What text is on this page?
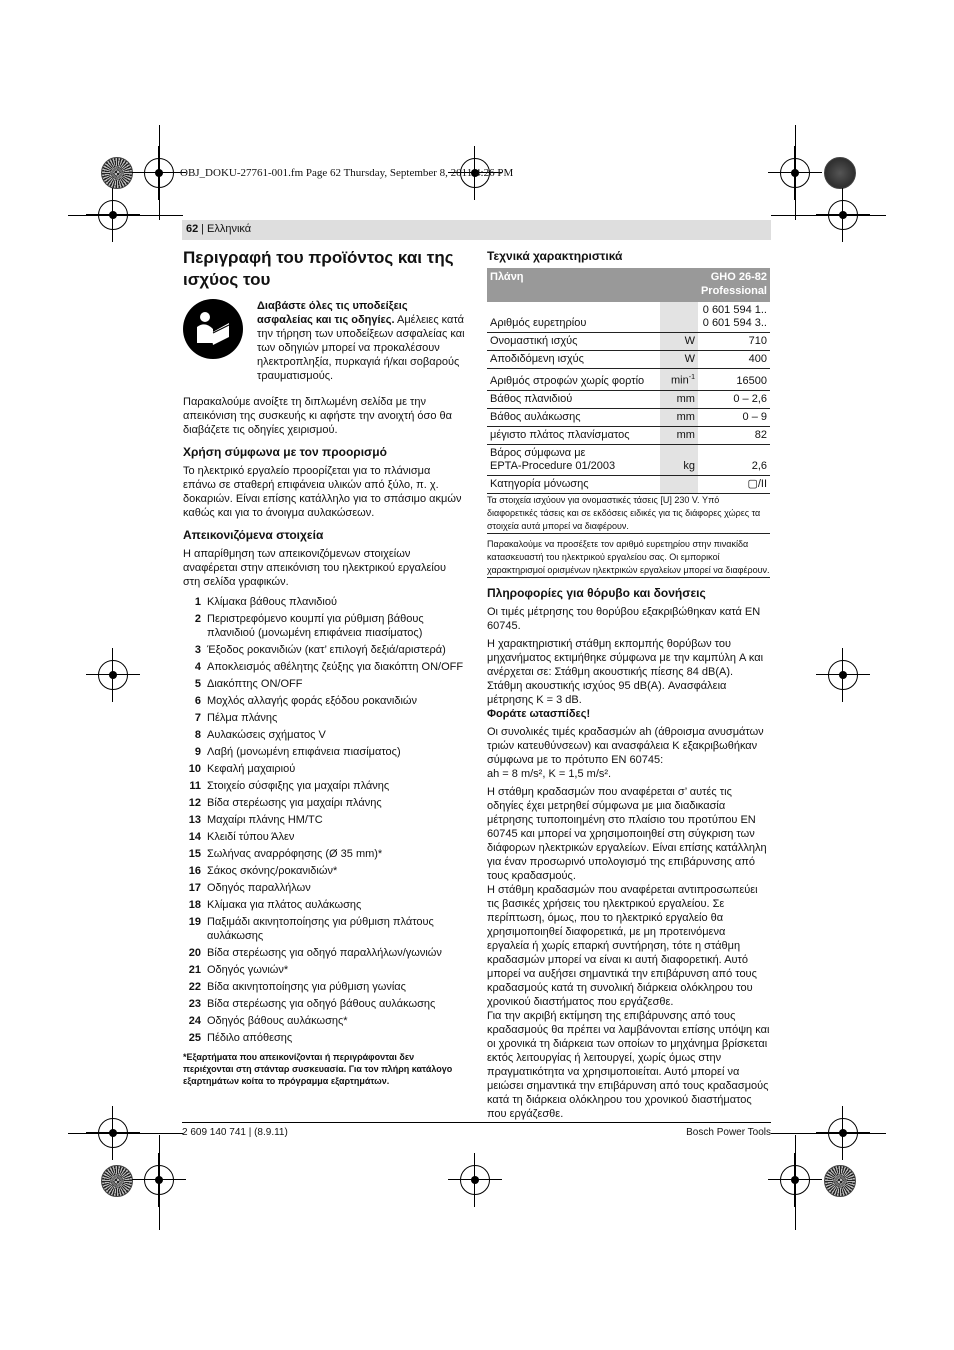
OBJ_DOKU-27761-001.fm Page 62 Thursday, September 8, 2011 4:26 PM
62 | Ελληνικά
Περιγραφή του προϊόντος και της ισχύος του

Διαβάστε όλες τις υποδείξεις ασφαλείας και τις οδηγίες. Αμέλειες κατά την τήρηση των υποδείξεων ασφαλείας και των οδηγιών μπορεί να προκαλέσουν ηλεκτροπληξία, πυρκαγιά ή/και σοβαρούς τραυματισμούς.

Παρακαλούμε ανοίξτε τη διπλωμένη σελίδα με την απεικόνιση της συσκευής κι αφήστε την ανοιχτή όσο θα διαβάζετε τις οδηγίες χειρισμού.

Χρήση σύμφωνα με τον προορισμό

Το ηλεκτρικό εργαλείο προορίζεται για το πλάνισμα επάνω σε σταθερή επιφάνεια υλικών από ξύλο, π. χ. δοκαριών. Είναι επίσης κατάλληλο για το σπάσιμο ακμών καθώς και για το άνοιγμα αυλακώσεων.

Απεικονιζόμενα στοιχεία

Η απαρίθμηση των απεικονιζόμενων στοιχείων αναφέρεται στην απεικόνιση του ηλεκτρικού εργαλείου στη σελίδα γραφικών.

1 Κλίμακα βάθους πλανιδιού
2 Περιστρεφόμενο κουμπί για ρύθμιση βάθους πλανιδιού (μονωμένη επιφάνεια πιασίματος)
3 Έξοδος ροκανιδιών (κατ’ επιλογή δεξιά/αριστερά)
4 Αποκλεισμός αθέλητης ζεύξης για διακόπτη ON/OFF
5 Διακόπτης ON/OFF
6 Μοχλός αλλαγής φοράς εξόδου ροκανιδιών
7 Πέλμα πλάνης
8 Αυλακώσεις σχήματος V
9 Λαβή (μονωμένη επιφάνεια πιασίματος)
10 Κεφαλή μαχαιριού
11 Στοιχείο σύσφιξης για μαχαίρι πλάνης
12 Βίδα στερέωσης για μαχαίρι πλάνης
13 Μαχαίρι πλάνης HM/TC
14 Κλειδί τύπου Άλεν
15 Σωλήνας αναρρόφησης (Ø 35 mm)*
16 Σάκος σκόνης/ροκανιδιών*
17 Οδηγός παραλλήλων
18 Κλίμακα για πλάτος αυλάκωσης
19 Παξιμάδι ακινητοποίησης για ρύθμιση πλάτους αυλάκωσης
20 Βίδα στερέωσης για οδηγό παραλλήλων/γωνιών
21 Οδηγός γωνιών*
22 Βίδα ακινητοποίησης για ρύθμιση γωνίας
23 Βίδα στερέωσης για οδηγό βάθους αυλάκωσης
24 Οδηγός βάθους αυλάκωσης*
25 Πέδιλο απόθεσης
*Εξαρτήματα που απεικονίζονται ή περιγράφονται δεν περιέχονται στη στάνταρ συσκευασία. Για τον πλήρη κατάλογο εξαρτημάτων κοίτα το πρόγραμμα εξαρτημάτων.
Τεχνικά χαρακτηριστικά
Πλάνη		GHO 26-82
Professional
Αριθμός ευρετηρίου		0 601 594 1..
0 601 594 3..
Ονομαστική ισχύς	W	710
Αποδιδόμενη ισχύς	W	400
Αριθμός στροφών χωρίς φορτίο	$\min^{-1}$	16500
Βάθος πλανιδιού	mm	0 – 2,6
Βάθος αυλάκωσης	mm	0 – 9
μέγιστο πλάτος πλανίσματος	mm	82
Βάρος σύμφωνα με
EPTA-Procedure 01/2003	kg	2,6
Κατηγορία μόνωσης		▢/II

Τα στοιχεία ισχύουν για ονομαστικές τάσεις [U] 230 V. Υπό διαφορετικές τάσεις και σε εκδόσεις ειδικές για τις διάφορες χώρες τα στοιχεία αυτά μπορεί να διαφέρουν.

Παρακαλούμε να προσέξετε τον αριθμό ευρετηρίου στην πινακίδα κατασκευαστή του ηλεκτρικού εργαλείου σας. Οι εμπορικοί χαρακτηρισμοί ορισμένων ηλεκτρικών εργαλείων μπορεί να διαφέρουν.

Πληροφορίες για θόρυβο και δονήσεις

Οι τιμές μέτρησης του θορύβου εξακριβώθηκαν κατά EN 60745.

Η χαρακτηριστική στάθμη εκπομπής θορύβων του μηχανήματος εκτιμήθηκε σύμφωνα με την καμπύλη A και ανέρχεται σε: Στάθμη ακουστικής πίεσης 84 dB(A). Στάθμη ακουστικής ισχύος 95 dB(A). Ανασφάλεια μέτρησης K = 3 dB.

Φοράτε ωτασπίδες!

Οι συνολικές τιμές κραδασμών ah (άθροισμα ανυσμάτων τριών κατευθύνσεων) και ανασφάλεια K εξακριβωθήκαν σύμφωνα με το πρότυπο EN 60745:

ah = 8 m/s², K = 1,5 m/s².

Η στάθμη κραδασμών που αναφέρεται σ’ αυτές τις οδηγίες έχει μετρηθεί σύμφωνα με μια διαδικασία μέτρησης τυποποιημένη στο πλαίσιο του προτύπου EN 60745 και μπορεί να χρησιμοποιηθεί στη σύγκριση των διάφορων ηλεκτρικών εργαλείων. Είναι επίσης κατάλληλη για έναν προσωρινό υπολογισμό της επιβάρυνσης από τους κραδασμούς.

Η στάθμη κραδασμών που αναφέρεται αντιπροσωπεύει τις βασικές χρήσεις του ηλεκτρικού εργαλείου. Σε περίπτωση, όμως, που το ηλεκτρικό εργαλείο θα χρησιμοποιηθεί διαφορετικά, με μη προτεινόμενα εργαλεία ή χωρίς επαρκή συντήρηση, τότε η στάθμη κραδασμών μπορεί να είναι κι αυτή διαφορετική. Αυτό μπορεί να αυξήσει σημαντικά την επιβάρυνση από τους κραδασμούς κατά τη συνολική διάρκεια ολόκληρου του χρονικού διαστήματος που εργάζεσθε.

Για την ακριβή εκτίμηση της επιβάρυνσης από τους κραδασμούς θα πρέπει να λαμβάνονται επίσης υπόψη και οι χρονικά τη διάρκεια των οποίων το μηχάνημα βρίσκεται εκτός λειτουργίας ή λειτουργεί, χωρίς όμως στην πραγματικότητα να χρησιμοποιείται. Αυτό μπορεί να μειώσει σημαντικά την επιβάρυνση από τους κραδασμούς κατά τη διάρκεια ολόκληρου του χρονικού διαστήματος που εργάζεσθε.

2 609 140 741 | (8.9.11)	Bosch Power Tools
